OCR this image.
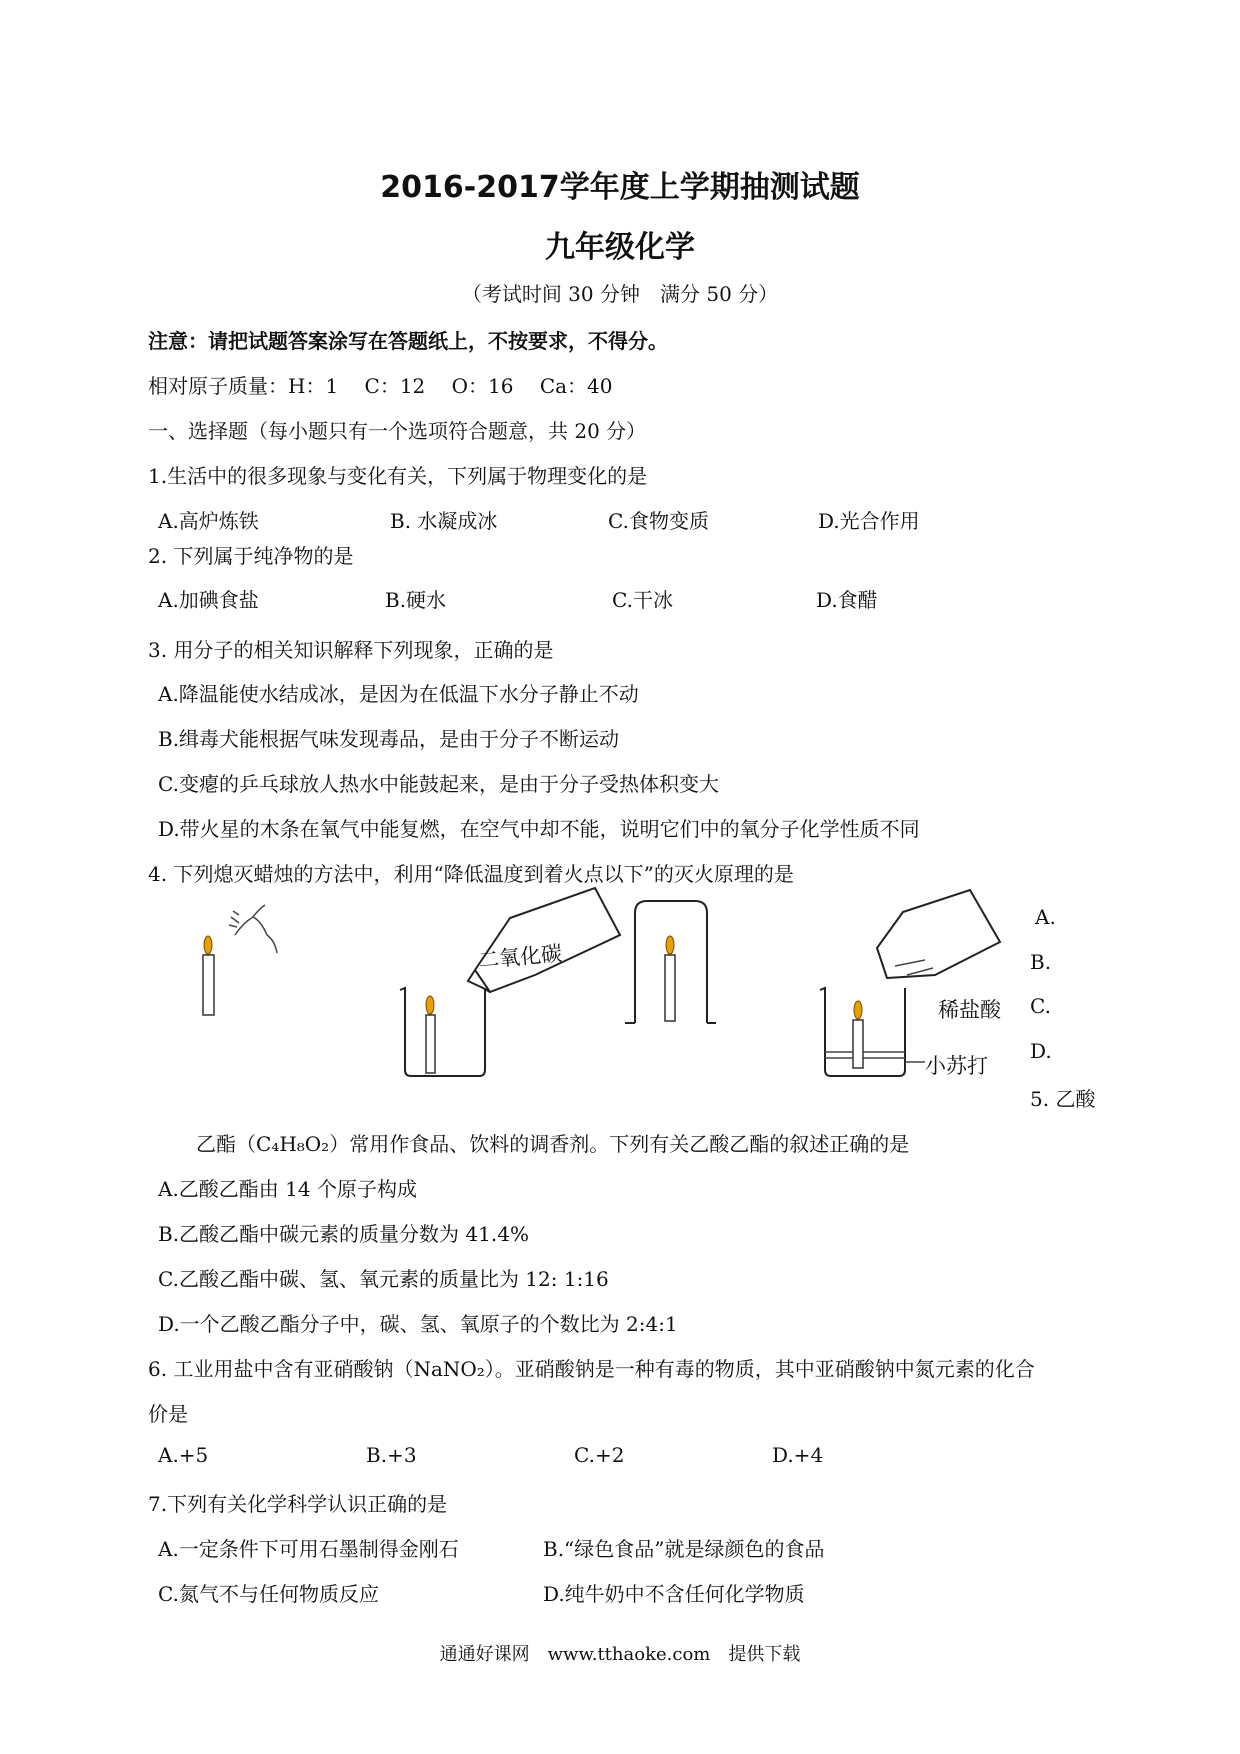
2016-2017学年度上学期抽测试题
九年级化学
（考试时间 30 分钟　满分 50 分）
注意：请把试题答案涂写在答题纸上，不按要求，不得分。
相对原子质量：H：1　 C：12　 O：16　 Ca：40
一、选择题（每小题只有一个选项符合题意，共 20 分）
1.生活中的很多现象与变化有关，下列属于物理变化的是
A.高炉炼铁	B. 水凝成冰	C.食物变质	D.光合作用
2. 下列属于纯净物的是
A.加碘食盐	B.硬水	C.干冰	D.食醋
3. 用分子的相关知识解释下列现象，正确的是
A.降温能使水结成冰，是因为在低温下水分子静止不动
B.缉毒犬能根据气味发现毒品，是由于分子不断运动
C.变瘪的乒乓球放人热水中能鼓起来，是由于分子受热体积变大
D.带火星的木条在氧气中能复燃，在空气中却不能，说明它们中的氧分子化学性质不同
4. 下列熄灭蜡烛的方法中，利用“降低温度到着火点以下”的灭火原理的是
二氧化碳
稀盐酸
小苏打
A.
B.
C.
D.
5. 乙酸
乙酯（C₄H₈O₂）常用作食品、饮料的调香剂。下列有关乙酸乙酯的叙述正确的是
A.乙酸乙酯由 14 个原子构成
B.乙酸乙酯中碳元素的质量分数为 41.4%
C.乙酸乙酯中碳、氢、氧元素的质量比为 12: 1:16
D.一个乙酸乙酯分子中，碳、氢、氧原子的个数比为 2:4:1
6. 工业用盐中含有亚硝酸钠（NaNO₂）。亚硝酸钠是一种有毒的物质，其中亚硝酸钠中氮元素的化合
价是
A.+5	B.+3	C.+2	D.+4
7.下列有关化学科学认识正确的是
A.一定条件下可用石墨制得金刚石	B.“绿色食品”就是绿颜色的食品
C.氮气不与任何物质反应	D.纯牛奶中不含任何化学物质
通通好课网　www.tthaoke.com　提供下载
